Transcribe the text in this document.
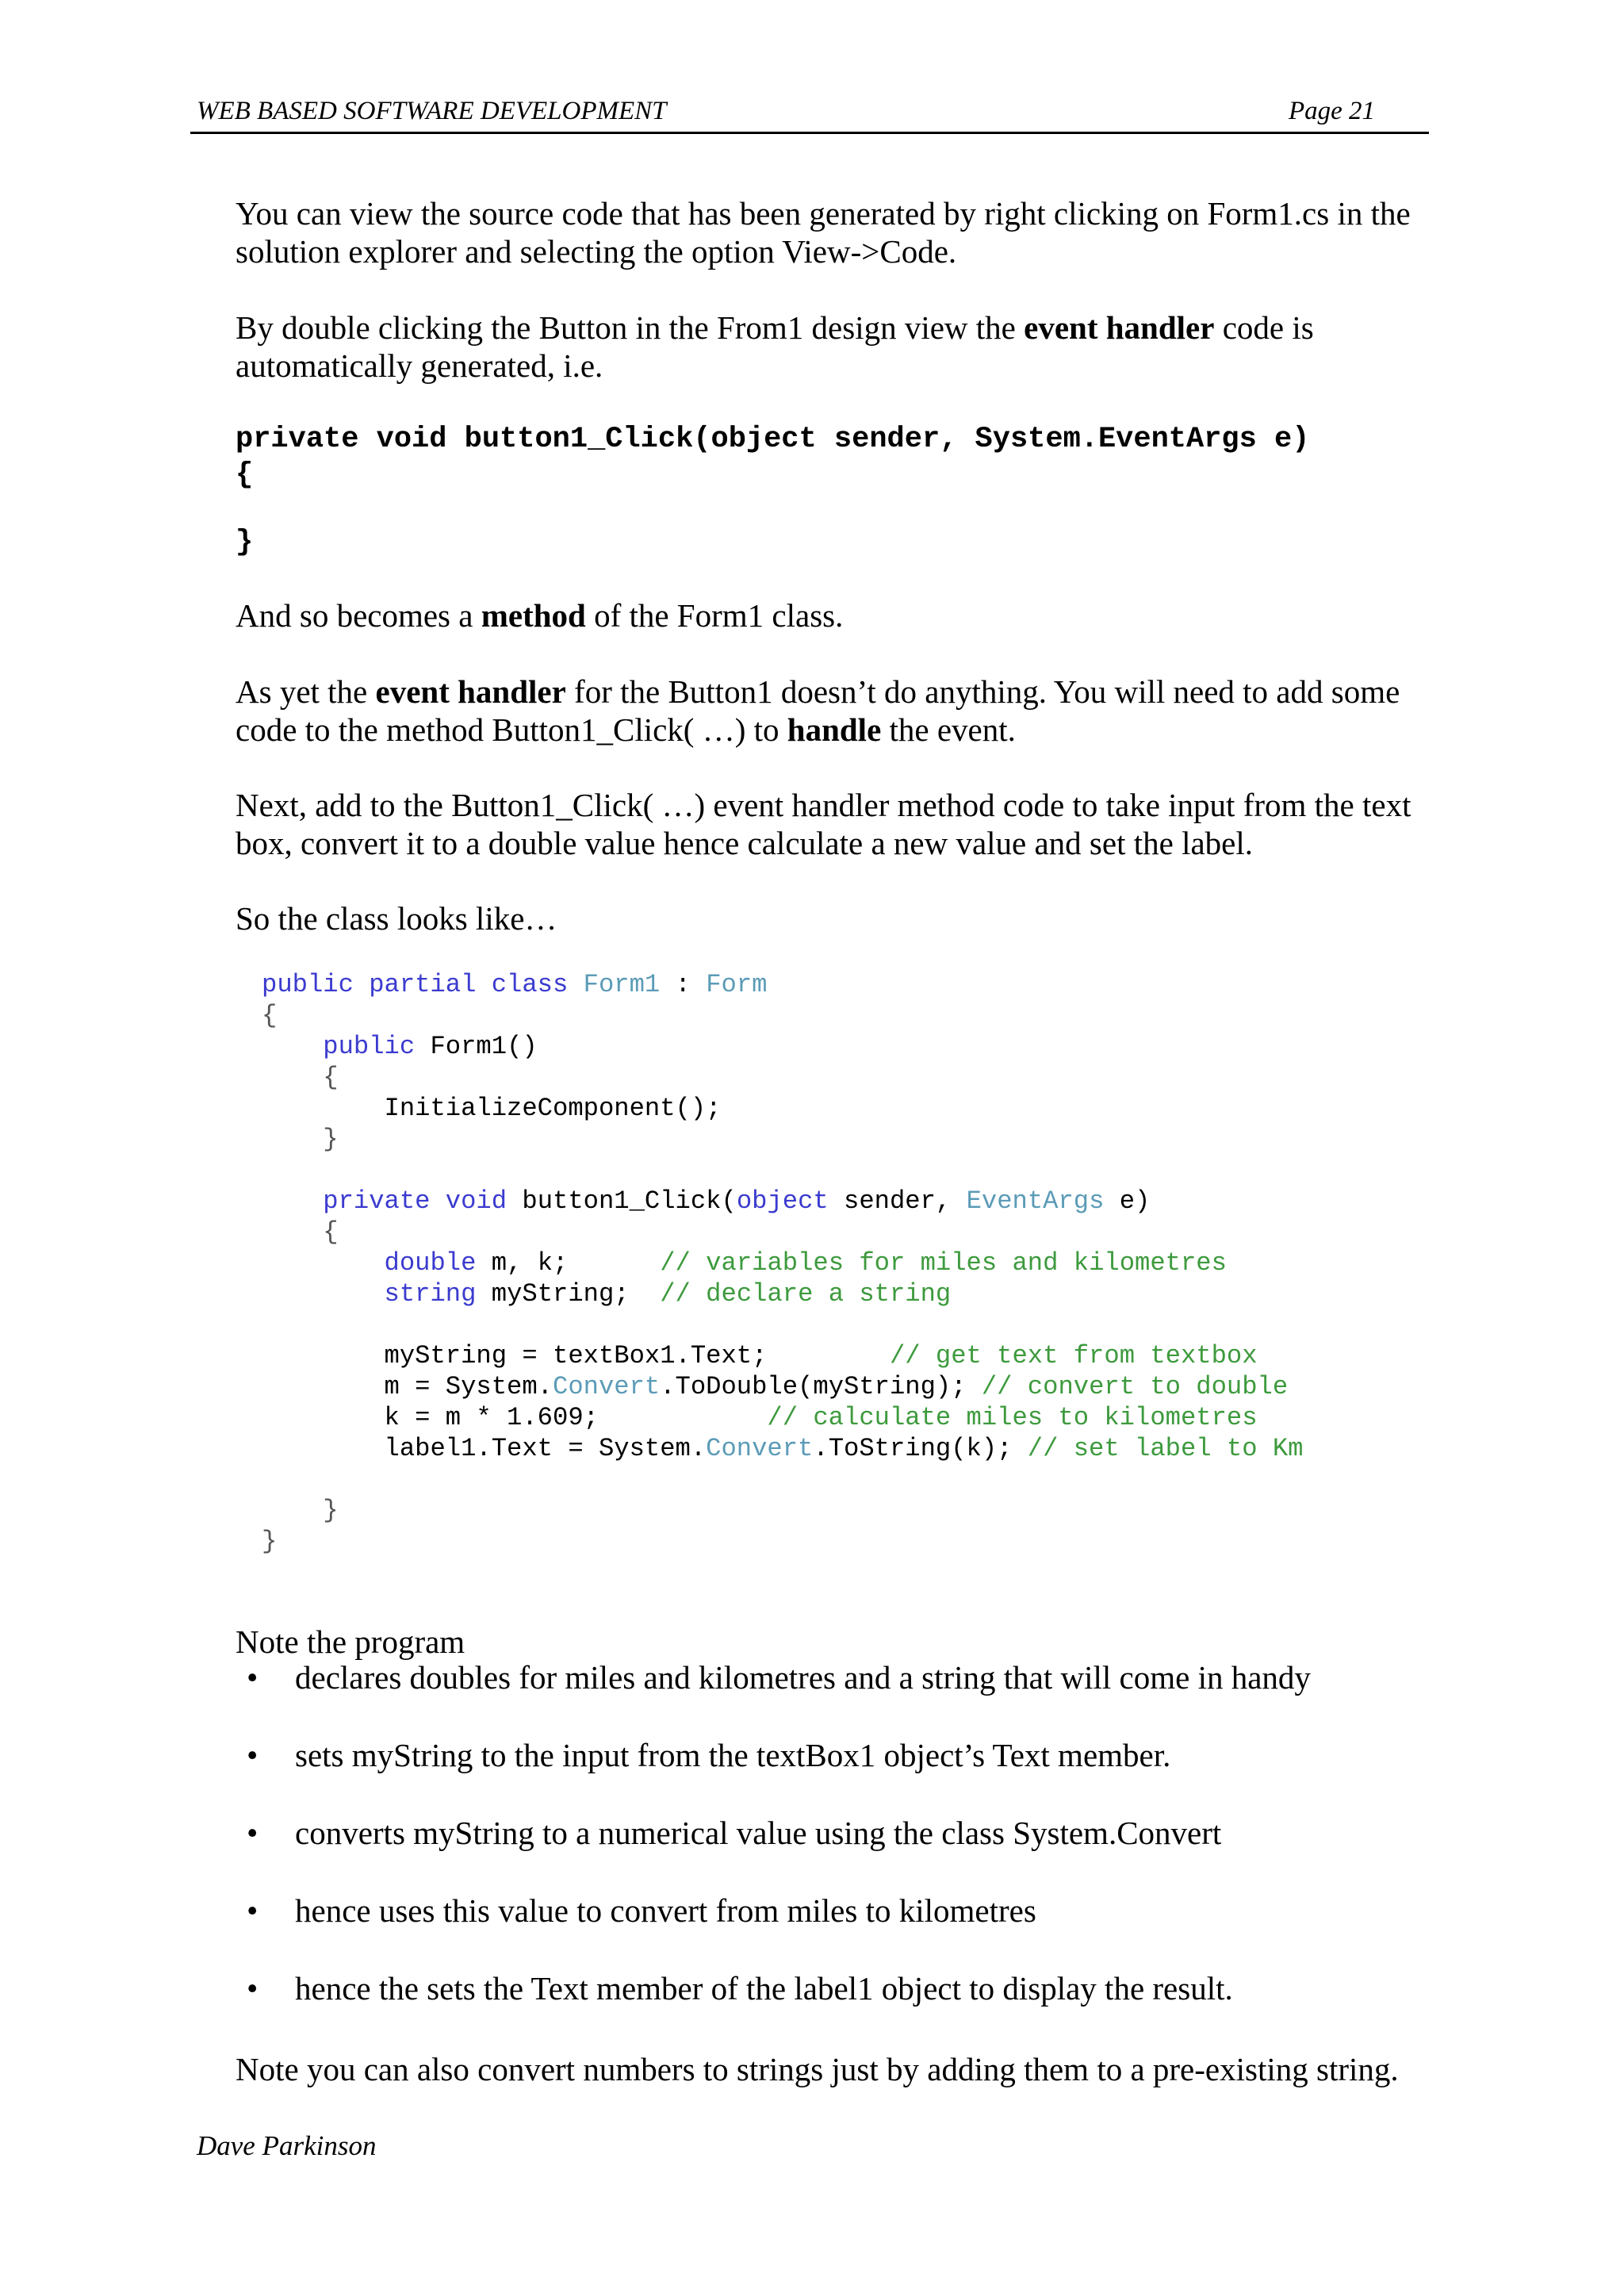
WEB BASED SOFTWARE DEVELOPMENT	Page 21
You can view the source code that has been generated by right clicking on Form1.cs in the solution explorer and selecting the option View->Code.
By double clicking the Button in the From1 design view the event handler code is automatically generated, i.e.
private void button1_Click(object sender, System.EventArgs e)
{
}
And so becomes a method of the Form1 class.
As yet the event handler for the Button1 doesn’t do anything. You will need to add some code to the method Button1_Click( …) to handle the event.
Next, add to the Button1_Click( …) event handler method code to take input from the text box, convert it to a double value hence calculate a new value and set the label.
So the class looks like…
public partial class Form1 : Form
{
public Form1()
{
InitializeComponent();
}
private void button1_Click(object sender, EventArgs e)
{
double m, k;      // variables for miles and kilometres
string myString;  // declare a string
myString = textBox1.Text;        // get text from textbox
m = System.Convert.ToDouble(myString); // convert to double
k = m * 1.609;           // calculate miles to kilometres
label1.Text = System.Convert.ToString(k); // set label to Km
}
}
Note the program
• declares doubles for miles and kilometres and a string that will come in handy
• sets myString to the input from the textBox1 object’s Text member.
• converts myString to a numerical value using the class System.Convert
• hence uses this value to convert from miles to kilometres
• hence the sets the Text member of the label1 object to display the result.
Note you can also convert numbers to strings just by adding them to a pre-existing string.
Dave Parkinson
